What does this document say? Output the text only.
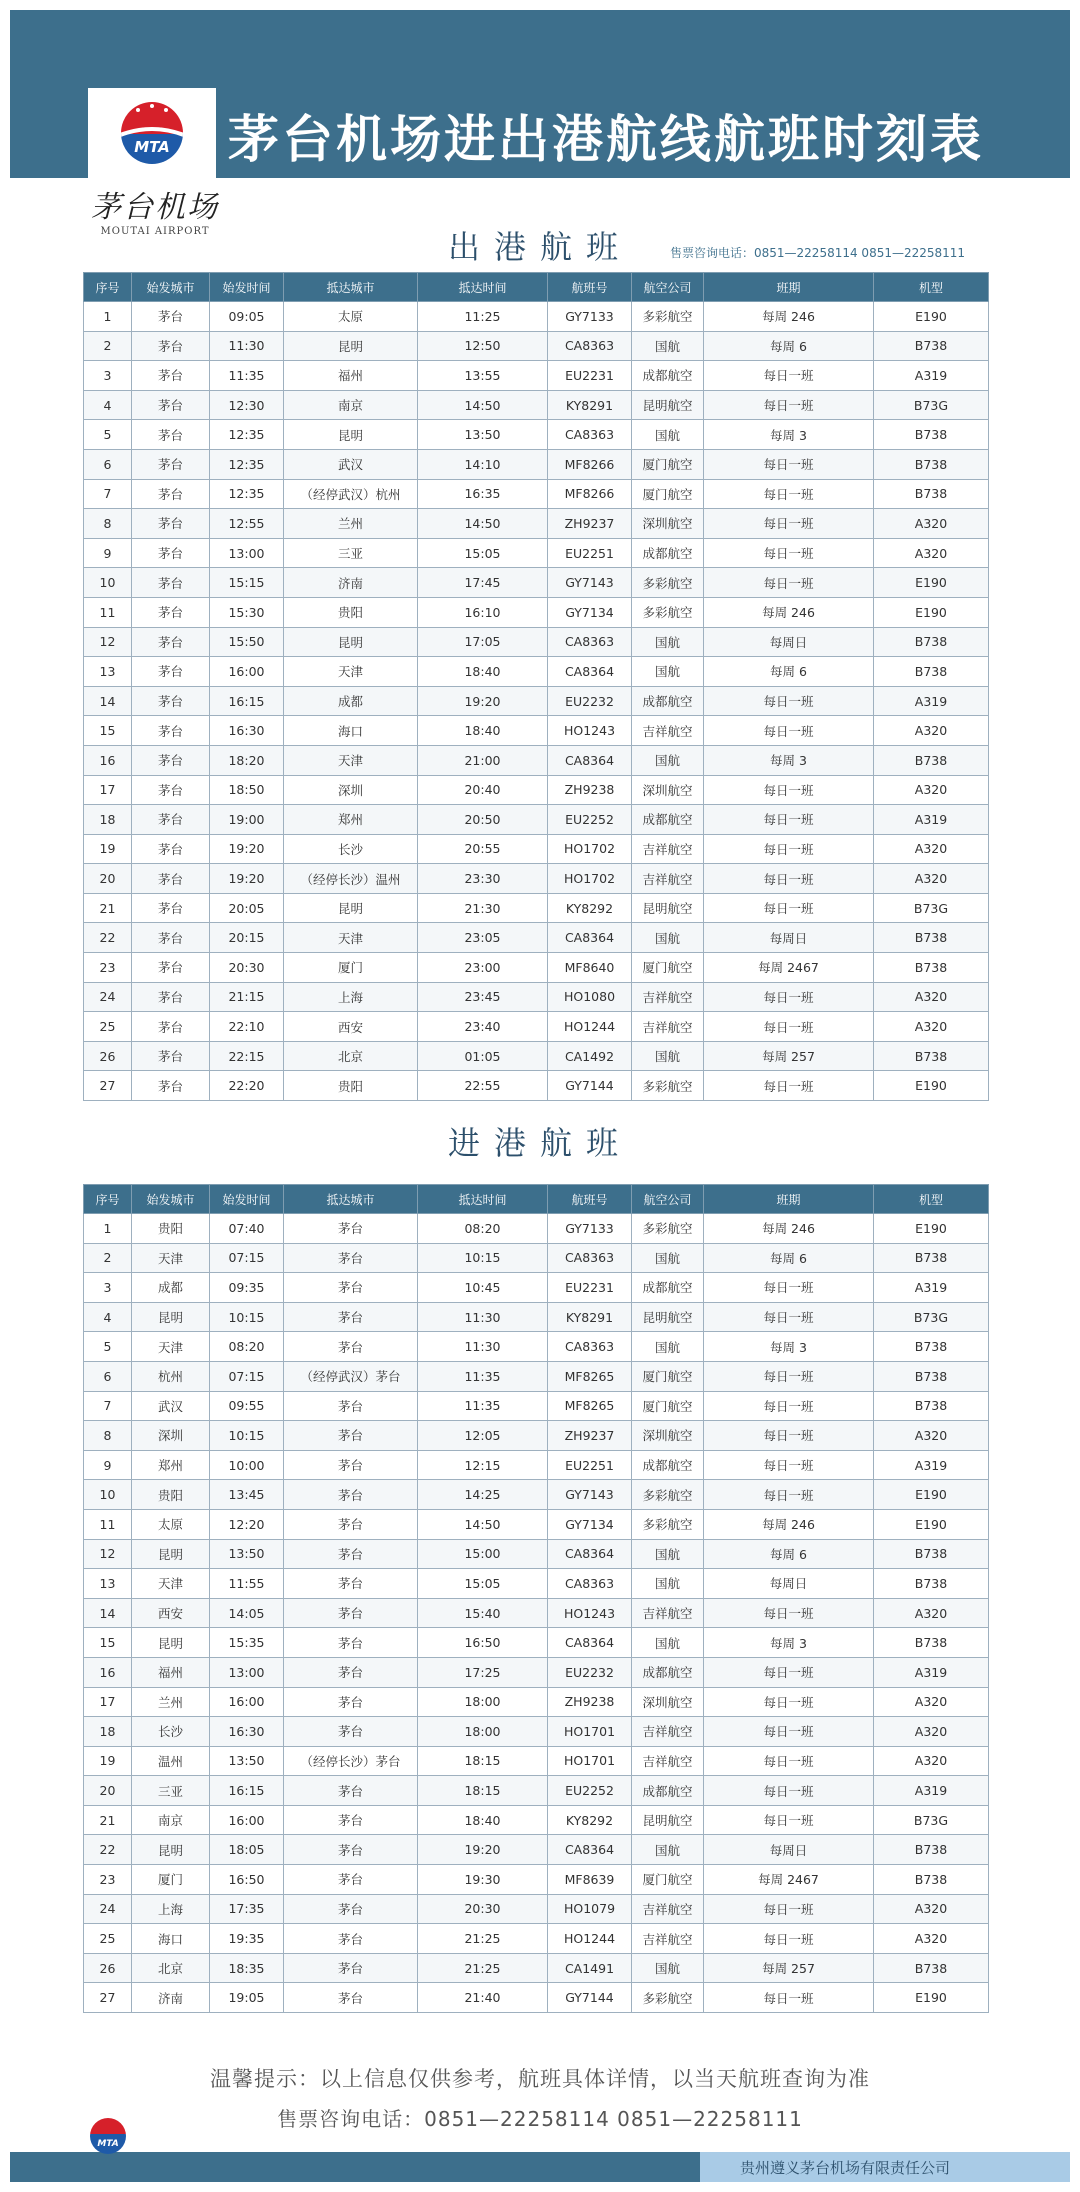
MTA 茅台机场进出港航线航班时刻表
茅台机场
MOUTAI AIRPORT	出港航班	售票咨询电话：0851—22258114 0851—22258111
序号	始发城市	始发时间	抵达城市	抵达时间	航班号	航空公司	班期	机型
1	茅台	09:05	太原	11:25	GY7133	多彩航空	每周 246	E190
2	茅台	11:30	昆明	12:50	CA8363	国航	每周 6	B738
3	茅台	11:35	福州	13:55	EU2231	成都航空	每日一班	A319
4	茅台	12:30	南京	14:50	KY8291	昆明航空	每日一班	B73G
5	茅台	12:35	昆明	13:50	CA8363	国航	每周 3	B738
6	茅台	12:35	武汉	14:10	MF8266	厦门航空	每日一班	B738
7	茅台	12:35	（经停武汉）杭州	16:35	MF8266	厦门航空	每日一班	B738
8	茅台	12:55	兰州	14:50	ZH9237	深圳航空	每日一班	A320
9	茅台	13:00	三亚	15:05	EU2251	成都航空	每日一班	A320
10	茅台	15:15	济南	17:45	GY7143	多彩航空	每日一班	E190
11	茅台	15:30	贵阳	16:10	GY7134	多彩航空	每周 246	E190
12	茅台	15:50	昆明	17:05	CA8363	国航	每周日	B738
13	茅台	16:00	天津	18:40	CA8364	国航	每周 6	B738
14	茅台	16:15	成都	19:20	EU2232	成都航空	每日一班	A319
15	茅台	16:30	海口	18:40	HO1243	吉祥航空	每日一班	A320
16	茅台	18:20	天津	21:00	CA8364	国航	每周 3	B738
17	茅台	18:50	深圳	20:40	ZH9238	深圳航空	每日一班	A320
18	茅台	19:00	郑州	20:50	EU2252	成都航空	每日一班	A319
19	茅台	19:20	长沙	20:55	HO1702	吉祥航空	每日一班	A320
20	茅台	19:20	（经停长沙）温州	23:30	HO1702	吉祥航空	每日一班	A320
21	茅台	20:05	昆明	21:30	KY8292	昆明航空	每日一班	B73G
22	茅台	20:15	天津	23:05	CA8364	国航	每周日	B738
23	茅台	20:30	厦门	23:00	MF8640	厦门航空	每周 2467	B738
24	茅台	21:15	上海	23:45	HO1080	吉祥航空	每日一班	A320
25	茅台	22:10	西安	23:40	HO1244	吉祥航空	每日一班	A320
26	茅台	22:15	北京	01:05	CA1492	国航	每周 257	B738
27	茅台	22:20	贵阳	22:55	GY7144	多彩航空	每日一班	E190
进港航班
序号	始发城市	始发时间	抵达城市	抵达时间	航班号	航空公司	班期	机型
1	贵阳	07:40	茅台	08:20	GY7133	多彩航空	每周 246	E190
2	天津	07:15	茅台	10:15	CA8363	国航	每周 6	B738
3	成都	09:35	茅台	10:45	EU2231	成都航空	每日一班	A319
4	昆明	10:15	茅台	11:30	KY8291	昆明航空	每日一班	B73G
5	天津	08:20	茅台	11:30	CA8363	国航	每周 3	B738
6	杭州	07:15	（经停武汉）茅台	11:35	MF8265	厦门航空	每日一班	B738
7	武汉	09:55	茅台	11:35	MF8265	厦门航空	每日一班	B738
8	深圳	10:15	茅台	12:05	ZH9237	深圳航空	每日一班	A320
9	郑州	10:00	茅台	12:15	EU2251	成都航空	每日一班	A319
10	贵阳	13:45	茅台	14:25	GY7143	多彩航空	每日一班	E190
11	太原	12:20	茅台	14:50	GY7134	多彩航空	每周 246	E190
12	昆明	13:50	茅台	15:00	CA8364	国航	每周 6	B738
13	天津	11:55	茅台	15:05	CA8363	国航	每周日	B738
14	西安	14:05	茅台	15:40	HO1243	吉祥航空	每日一班	A320
15	昆明	15:35	茅台	16:50	CA8364	国航	每周 3	B738
16	福州	13:00	茅台	17:25	EU2232	成都航空	每日一班	A319
17	兰州	16:00	茅台	18:00	ZH9238	深圳航空	每日一班	A320
18	长沙	16:30	茅台	18:00	HO1701	吉祥航空	每日一班	A320
19	温州	13:50	（经停长沙）茅台	18:15	HO1701	吉祥航空	每日一班	A320
20	三亚	16:15	茅台	18:15	EU2252	成都航空	每日一班	A319
21	南京	16:00	茅台	18:40	KY8292	昆明航空	每日一班	B73G
22	昆明	18:05	茅台	19:20	CA8364	国航	每周日	B738
23	厦门	16:50	茅台	19:30	MF8639	厦门航空	每周 2467	B738
24	上海	17:35	茅台	20:30	HO1079	吉祥航空	每日一班	A320
25	海口	19:35	茅台	21:25	HO1244	吉祥航空	每日一班	A320
26	北京	18:35	茅台	21:25	CA1491	国航	每周 257	B738
27	济南	19:05	茅台	21:40	GY7144	多彩航空	每日一班	E190
温馨提示：以上信息仅供参考，航班具体详情，以当天航班查询为准
售票咨询电话：0851—22258114 0851—22258111
贵州遵义茅台机场有限责任公司
MTA
